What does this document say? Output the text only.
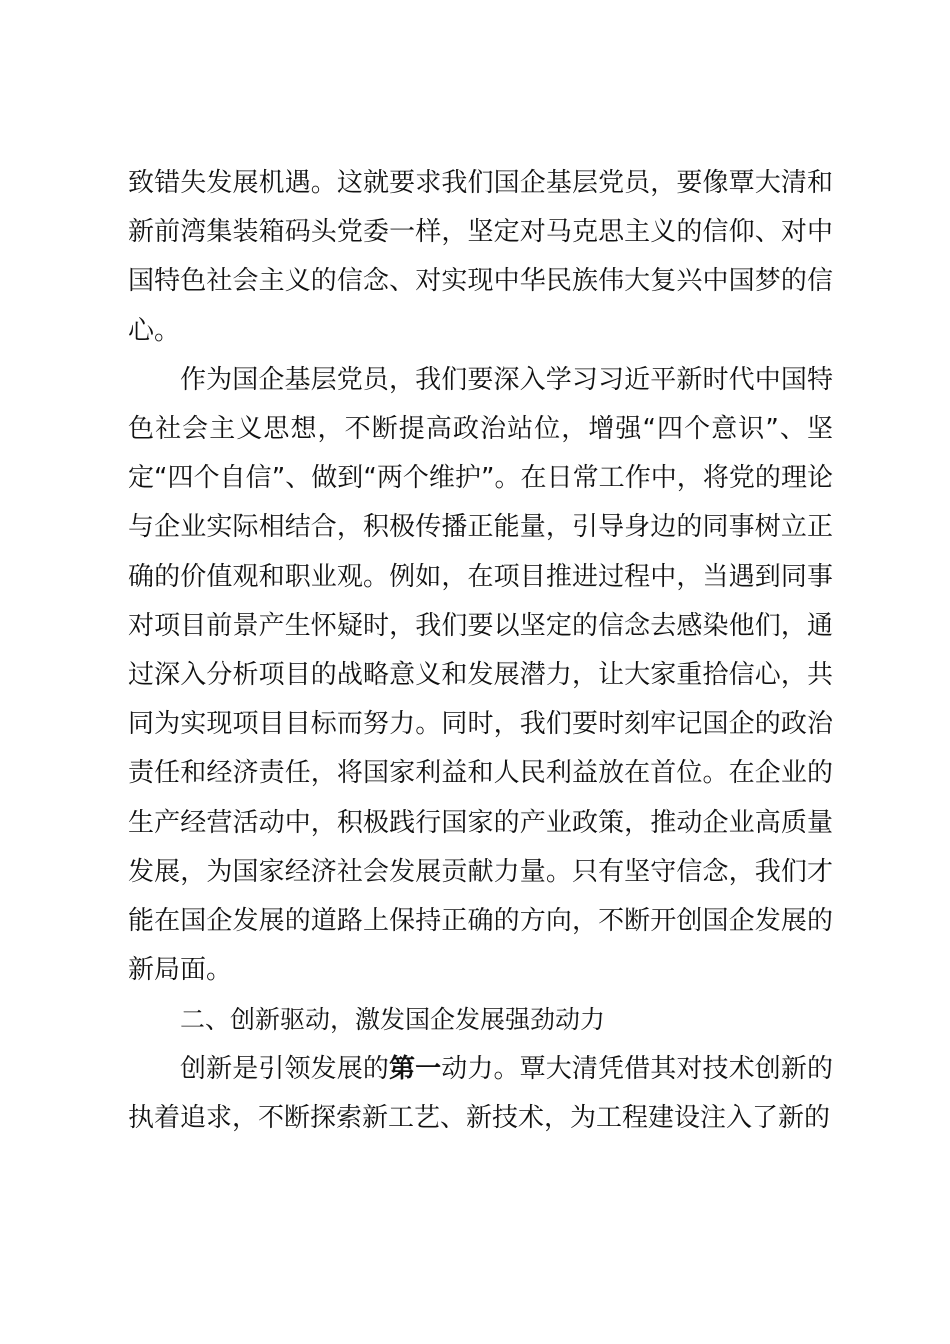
致错失发展机遇。这就要求我们国企基层党员，要像覃大清和新前湾集装箱码头党委一样，坚定对马克思主义的信仰、对中国特色社会主义的信念、对实现中华民族伟大复兴中国梦的信心。

作为国企基层党员，我们要深入学习习近平新时代中国特色社会主义思想，不断提高政治站位，增强“四个意识”、坚定“四个自信”、做到“两个维护”。在日常工作中，将党的理论与企业实际相结合，积极传播正能量，引导身边的同事树立正确的价值观和职业观。例如，在项目推进过程中，当遇到同事对项目前景产生怀疑时，我们要以坚定的信念去感染他们，通过深入分析项目的战略意义和发展潜力，让大家重拾信心，共同为实现项目目标而努力。同时，我们要时刻牢记国企的政治责任和经济责任，将国家利益和人民利益放在首位。在企业的生产经营活动中，积极践行国家的产业政策，推动企业高质量发展，为国家经济社会发展贡献力量。只有坚守信念，我们才能在国企发展的道路上保持正确的方向，不断开创国企发展的新局面。

二、创新驱动，激发国企发展强劲动力

创新是引领发展的第一动力。覃大清凭借其对技术创新的执着追求，不断探索新工艺、新技术，为工程建设注入了新的
